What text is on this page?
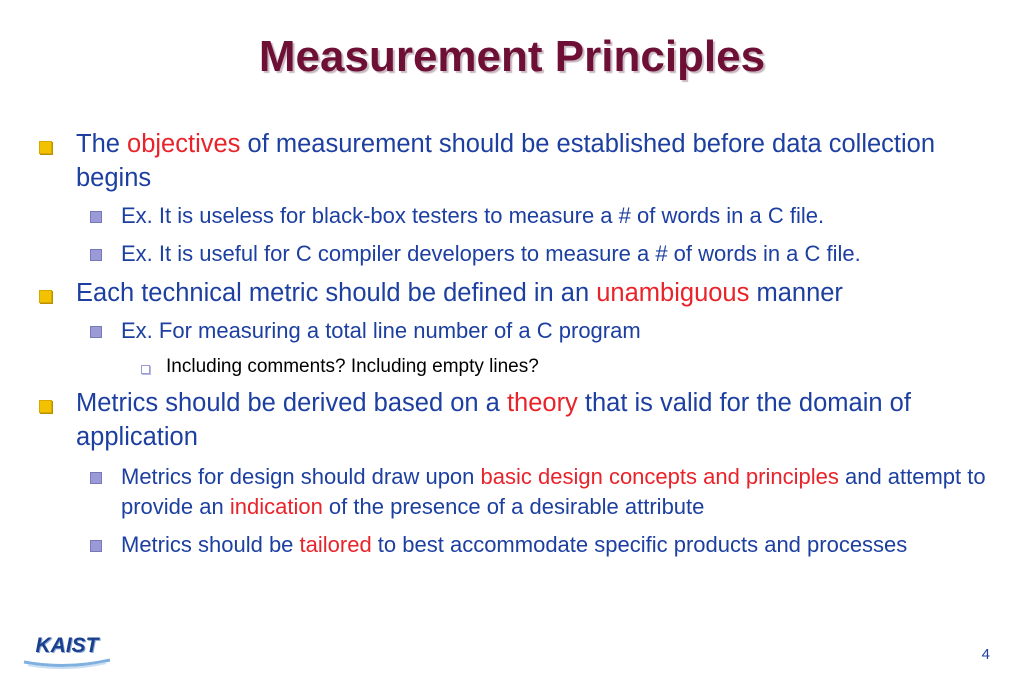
Measurement Principles
The objectives of measurement should be established before data collection begins
Ex. It is useless for black-box testers to measure a # of words in a C file.
Ex. It is useful for C compiler developers to measure a # of words in a C file.
Each technical metric should be defined in an unambiguous manner
Ex. For measuring a total line number of a C program
Including comments? Including empty lines?
Metrics should be derived based on a theory that is valid for the domain of application
Metrics for design should draw upon basic design concepts and principles and attempt to provide an indication of the presence of a desirable attribute
Metrics should be tailored to best accommodate specific products and processes
KAIST	4
